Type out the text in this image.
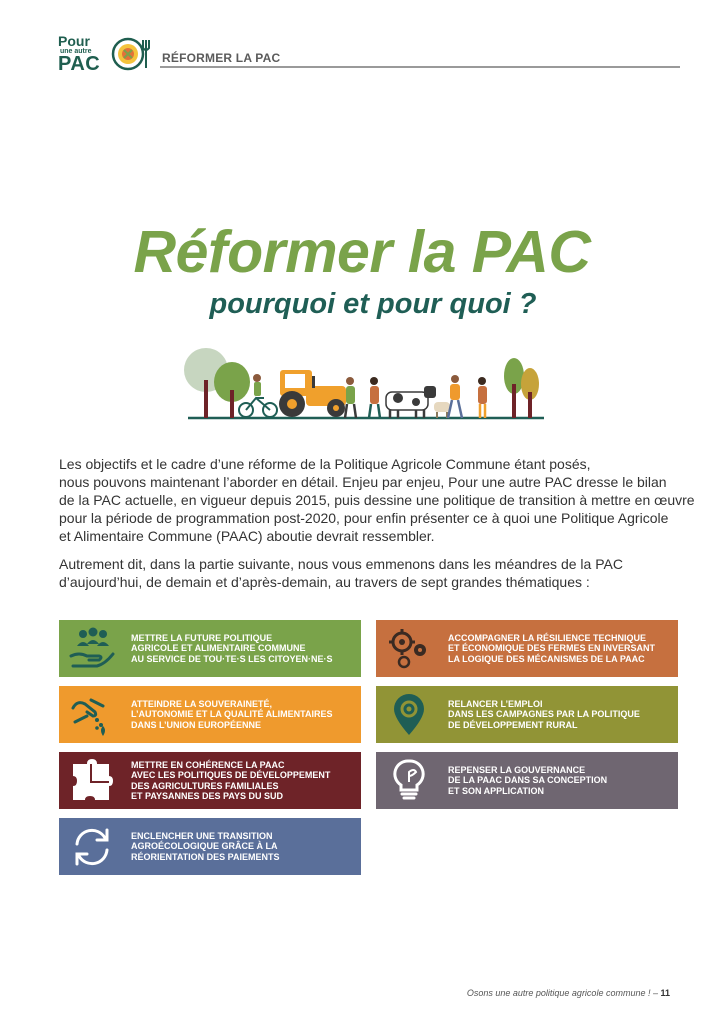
Pour
une autre
PAC	RÉFORMER LA PAC
Réformer la PAC
pourquoi et pour quoi ?
Les objectifs et le cadre d’une réforme de la Politique Agricole Commune étant posés,
nous pouvons maintenant l’aborder en détail. Enjeu par enjeu, Pour une autre PAC dresse le bilan
de la PAC actuelle, en vigueur depuis 2015, puis dessine une politique de transition à mettre en œuvre
pour la période de programmation post-2020, pour enfin présenter ce à quoi une Politique Agricole
et Alimentaire Commune (PAAC) aboutie devrait ressembler.
Autrement dit, dans la partie suivante, nous vous emmenons dans les méandres de la PAC
d’aujourd’hui, de demain et d’après-demain, au travers de sept grandes thématiques :
METTRE LA FUTURE POLITIQUE
AGRICOLE ET ALIMENTAIRE COMMUNE
AU SERVICE DE TOU·TE·S LES CITOYEN·NE·S
ATTEINDRE LA SOUVERAINETÉ,
L’AUTONOMIE ET LA QUALITÉ ALIMENTAIRES
DANS L’UNION EUROPÉENNE
METTRE EN COHÉRENCE LA PAAC
AVEC LES POLITIQUES DE DÉVELOPPEMENT
DES AGRICULTURES FAMILIALES
ET PAYSANNES DES PAYS DU SUD
ENCLENCHER UNE TRANSITION
AGROÉCOLOGIQUE GRÂCE À LA
RÉORIENTATION DES PAIEMENTS
ACCOMPAGNER LA RÉSILIENCE TECHNIQUE
ET ÉCONOMIQUE DES FERMES EN INVERSANT
LA LOGIQUE DES MÉCANISMES DE LA PAAC
RELANCER L’EMPLOI
DANS LES CAMPAGNES PAR LA POLITIQUE
DE DÉVELOPPEMENT RURAL
REPENSER LA GOUVERNANCE
DE LA PAAC DANS SA CONCEPTION
ET SON APPLICATION
Osons une autre politique agricole commune ! – 11
